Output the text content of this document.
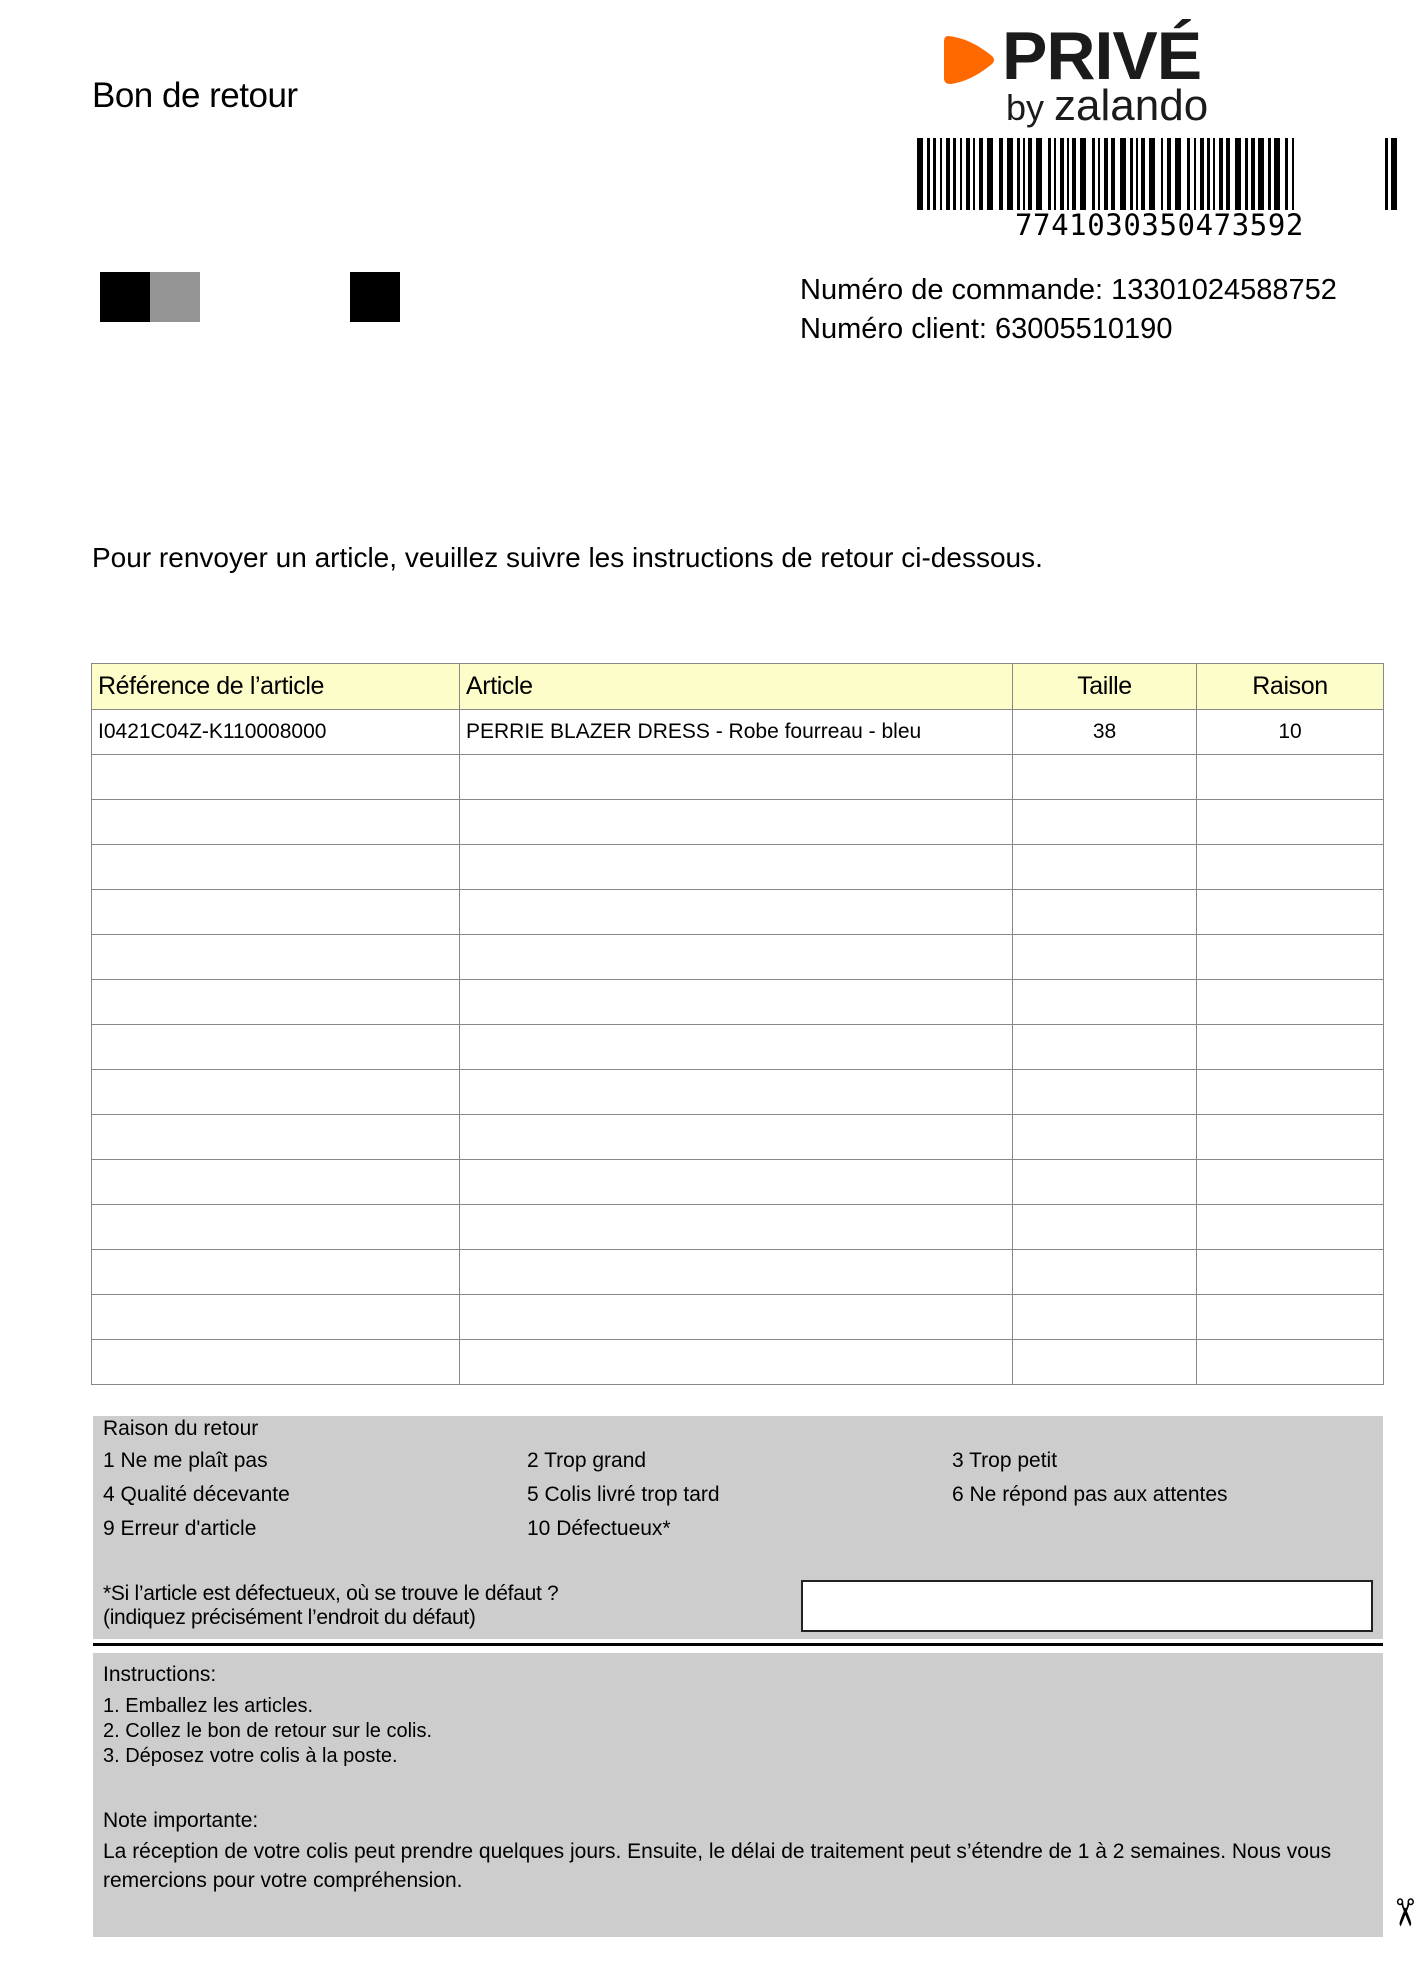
Bon de retour
PRIVÉ
by zalando
7741030350473592
Numéro de commande: 13301024588752
Numéro client: 63005510190
Pour renvoyer un article, veuillez suivre les instructions de retour ci-dessous.
Référence de l’article	Article	Taille	Raison
I0421C04Z-K110008000	PERRIE BLAZER DRESS - Robe fourreau - bleu	38	10

Raison du retour
1 Ne me plaît pas	2 Trop grand	3 Trop petit
4 Qualité décevante	5 Colis livré trop tard	6 Ne répond pas aux attentes
9 Erreur d'article	10 Défectueux*
*Si l’article est défectueux, où se trouve le défaut ? (indiquez précisément l’endroit du défaut)
Instructions:
1. Emballez les articles.
2. Collez le bon de retour sur le colis.
3. Déposez votre colis à la poste.
Note importante:
La réception de votre colis peut prendre quelques jours. Ensuite, le délai de traitement peut s’étendre de 1 à 2 semaines. Nous vous remercions pour votre compréhension.
✂
